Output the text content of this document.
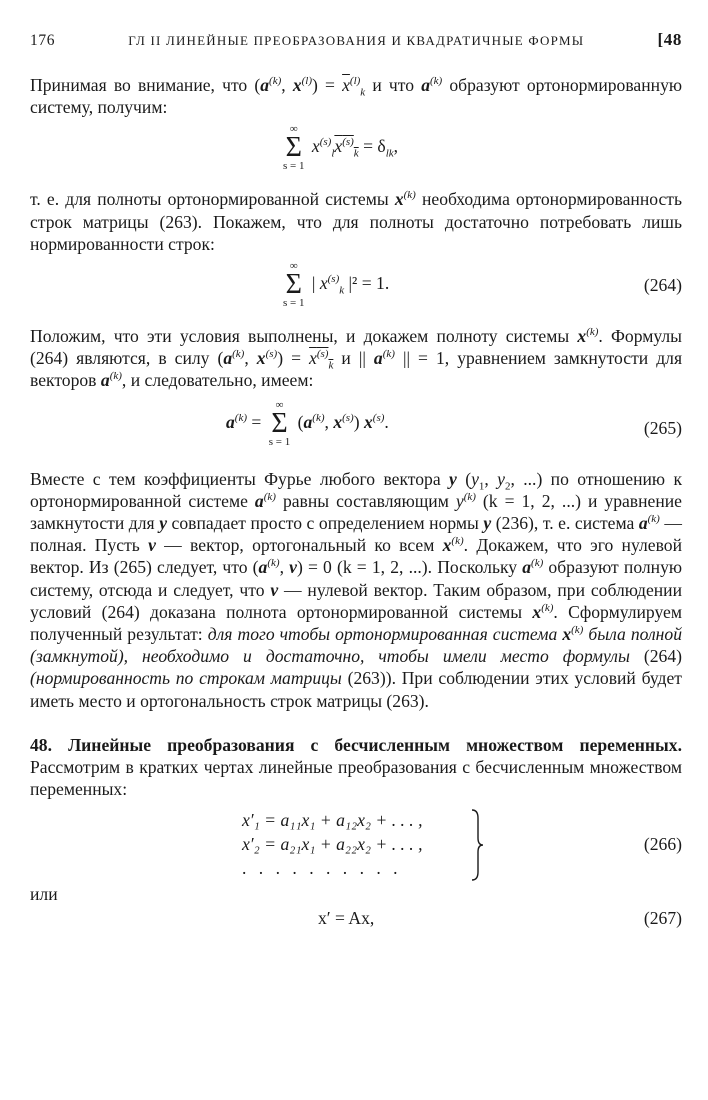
176	ГЛ II ЛИНЕЙНЫЕ ПРЕОБРАЗОВАНИЯ И КВАДРАТИЧНЫЕ ФОРМЫ	[48

Принимая во внимание, что ($a^{(k)}$, $x^{(l)}) = \overline{x}^{(l)}_k$ и что $a^{(k)}$ образуют ортонормированную систему, получим:

∞
Σ
s = 1
$x^{(s)}_lx^{(s)}_k = \delta_{lk}$,

т. е. для полноты ортонормированной системы $x^{(k)}$ необходима ортонормированность строк матрицы (263). Покажем, что для полноты достаточно потребовать лишь нормированности строк:

∞
Σ
s = 1
| $x^{(s)}_k$ |² = 1.	(264)

Положим, что эти условия выполнены, и докажем полноту системы $x^{(k)}$. Формулы (264) являются, в силу ($a^{(k)}$, $x^{(s)}) = x^{(s)}_k$ и || $a^{(k)}$ || = 1, уравнением замкнутости для векторов $a^{(k)}$, и следовательно, имеем:

$a^{(k)}$ =
∞
Σ
s = 1
($a^{(k)}$, $x^{(s)}$) $x^{(s)}$.	(265)

Вместе с тем коэффициенты Фурье любого вектора y ($y_1$, $y_2$, ...) по отношению к ортонормированной системе $a^{(k)}$ равны составляющим $y^{(k)}$ (k = 1, 2, ...) и уравнение замкнутости для y совпадает просто с определением нормы y (236), т. е. система $a^{(k)}$ — полная. Пусть v — вектор, ортогональный ко всем $x^{(k)}$. Докажем, что эго нулевой вектор. Из (265) следует, что ($a^{(k)}$, v) = 0 (k = 1, 2, ...). Поскольку $a^{(k)}$ образуют полную систему, отсюда и следует, что v — нулевой вектор. Таким образом, при соблюдении условий (264) доказана полнота ортонормированной системы $x^{(k)}$. Сформулируем полученный результат: для того чтобы ортонормированная система $x^{(k)}$ была полной (замкнутой), необходимо и достаточно, чтобы имели место формулы (264) (нормированность по строкам матрицы (263)). При соблюдении этих условий будет иметь место и ортогональность строк матрицы (263).

48. Линейные преобразования с бесчисленным множеством переменных. Рассмотрим в кратких чертах линейные преобразования с бесчисленным множеством переменных:

x′₁ = a₁₁x₁ + a₁₂x₂ + . . . ,
x′₂ = a₂₁x₁ + a₂₂x₂ + . . . ,
. . . . . . . . . .
(266)
или
x′ = Ax,	(267)
